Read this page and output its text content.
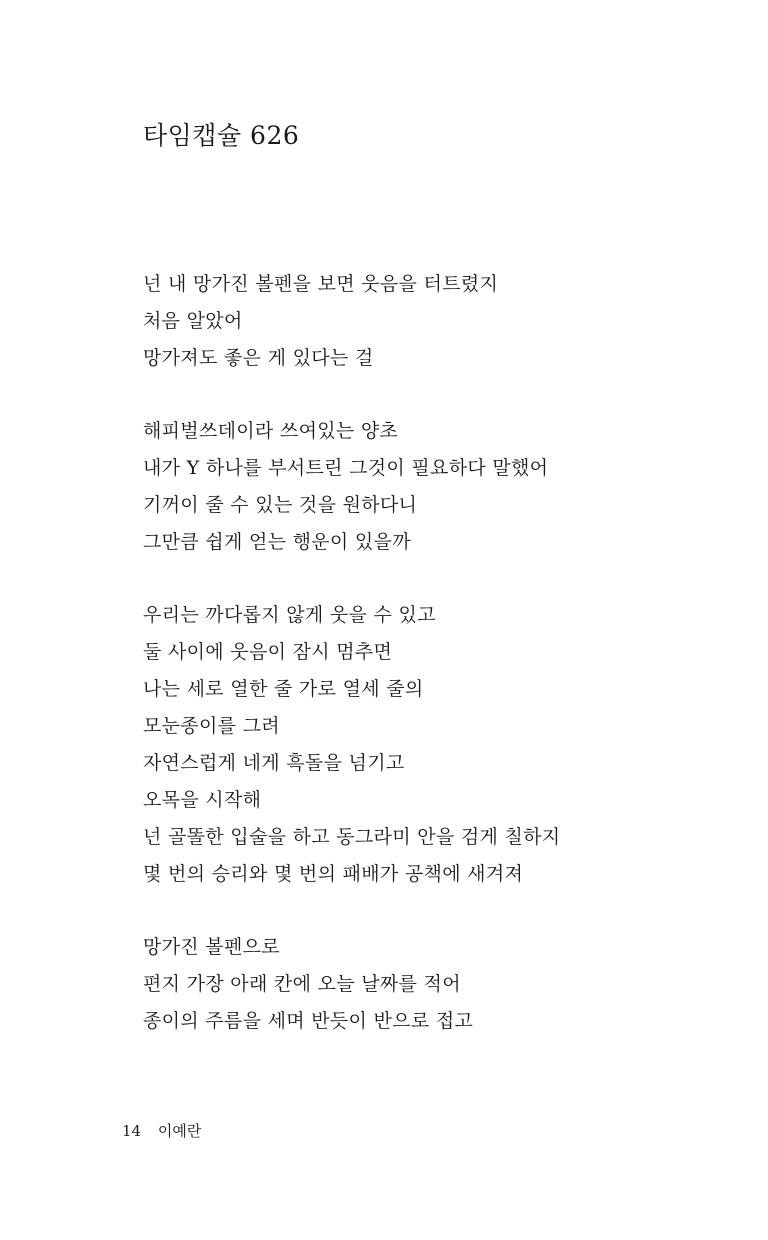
타임캡슐 626
넌 내 망가진 볼펜을 보면 웃음을 터트렸지
처음 알았어
망가져도 좋은 게 있다는 걸
해피벌쓰데이라 쓰여있는 양초
내가 Y 하나를 부서트린 그것이 필요하다 말했어
기꺼이 줄 수 있는 것을 원하다니
그만큼 쉽게 얻는 행운이 있을까
우리는 까다롭지 않게 웃을 수 있고
둘 사이에 웃음이 잠시 멈추면
나는 세로 열한 줄 가로 열세 줄의
모눈종이를 그려
자연스럽게 네게 흑돌을 넘기고
오목을 시작해
넌 골똘한 입술을 하고 동그라미 안을 검게 칠하지
몇 번의 승리와 몇 번의 패배가 공책에 새겨져
망가진 볼펜으로
편지 가장 아래 칸에 오늘 날짜를 적어
종이의 주름을 세며 반듯이 반으로 접고
14 이예란
